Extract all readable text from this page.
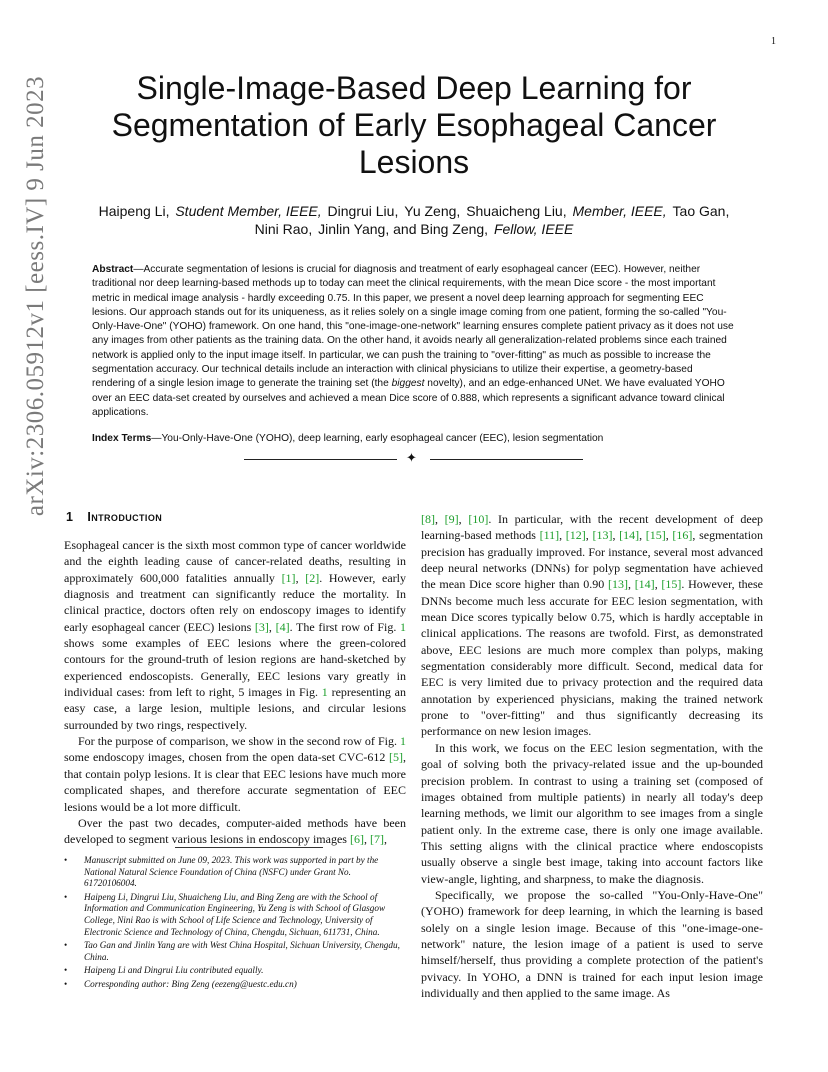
1
arXiv:2306.05912v1 [eess.IV] 9 Jun 2023	Single-Image-Based Deep Learning for
Segmentation of Early Esophageal Cancer
Lesions
Haipeng Li, Student Member, IEEE, Dingrui Liu, Yu Zeng, Shuaicheng Liu, Member, IEEE, Tao Gan,
Nini Rao, Jinlin Yang, and Bing Zeng, Fellow, IEEE
Abstract—Accurate segmentation of lesions is crucial for diagnosis and treatment of early esophageal cancer (EEC). However, neither traditional nor deep learning-based methods up to today can meet the clinical requirements, with the mean Dice score - the most important metric in medical image analysis - hardly exceeding 0.75. In this paper, we present a novel deep learning approach for segmenting EEC lesions. Our approach stands out for its uniqueness, as it relies solely on a single image coming from one patient, forming the so-called "You-Only-Have-One" (YOHO) framework. On one hand, this "one-image-one-network" learning ensures complete patient privacy as it does not use any images from other patients as the training data. On the other hand, it avoids nearly all generalization-related problems since each trained network is applied only to the input image itself. In particular, we can push the training to "over-fitting" as much as possible to increase the segmentation accuracy. Our technical details include an interaction with clinical physicians to utilize their expertise, a geometry-based rendering of a single lesion image to generate the training set (the biggest novelty), and an edge-enhanced UNet. We have evaluated YOHO over an EEC data-set created by ourselves and achieved a mean Dice score of 0.888, which represents a significant advance toward clinical applications.
Index Terms—You-Only-Have-One (YOHO), deep learning, early esophageal cancer (EEC), lesion segmentation
✦
1 Introduction

Esophageal cancer is the sixth most common type of cancer worldwide and the eighth leading cause of cancer-related deaths, resulting in approximately 600,000 fatalities annually [1], [2]. However, early diagnosis and treatment can significantly reduce the mortality. In clinical practice, doctors often rely on endoscopy images to identify early esophageal cancer (EEC) lesions [3], [4]. The first row of Fig. 1 shows some examples of EEC lesions where the green-colored contours for the ground-truth of lesion regions are hand-sketched by experienced endoscopists. Generally, EEC lesions vary greatly in individual cases: from left to right, 5 images in Fig. 1 representing an easy case, a large lesion, multiple lesions, and circular lesions surrounded by two rings, respectively.

For the purpose of comparison, we show in the second row of Fig. 1 some endoscopy images, chosen from the open data-set CVC-612 [5], that contain polyp lesions. It is clear that EEC lesions have much more complicated shapes, and therefore accurate segmentation of EEC lesions would be a lot more difficult.

Over the past two decades, computer-aided methods have been developed to segment various lesions in endoscopy images [6], [7],

• Manuscript submitted on June 09, 2023. This work was supported in part by the National Natural Science Foundation of China (NSFC) under Grant No. 61720106004.
• Haipeng Li, Dingrui Liu, Shuaicheng Liu, and Bing Zeng are with the School of Information and Communication Engineering, Yu Zeng is with School of Glasgow College, Nini Rao is with School of Life Science and Technology, University of Electronic Science and Technology of China, Chengdu, Sichuan, 611731, China.
• Tao Gan and Jinlin Yang are with West China Hospital, Sichuan University, Chengdu, China.
• Haipeng Li and Dingrui Liu contributed equally.
• Corresponding author: Bing Zeng (eezeng@uestc.edu.cn)

[8], [9], [10]. In particular, with the recent development of deep learning-based methods [11], [12], [13], [14], [15], [16], segmentation precision has gradually improved. For instance, several most advanced deep neural networks (DNNs) for polyp segmentation have achieved the mean Dice score higher than 0.90 [13], [14], [15]. However, these DNNs become much less accurate for EEC lesion segmentation, with mean Dice scores typically below 0.75, which is hardly acceptable in clinical applications. The reasons are twofold. First, as demonstrated above, EEC lesions are much more complex than polyps, making segmentation considerably more difficult. Second, medical data for EEC is very limited due to privacy protection and the required data annotation by experienced physicians, making the trained network prone to "over-fitting" and thus significantly decreasing its performance on new lesion images.

In this work, we focus on the EEC lesion segmentation, with the goal of solving both the privacy-related issue and the up-bounded precision problem. In contrast to using a training set (composed of images obtained from multiple patients) in nearly all today's deep learning methods, we limit our algorithm to see images from a single patient only. In the extreme case, there is only one image available. This setting aligns with the clinical practice where endoscopists usually observe a single best image, taking into account factors like view-angle, lighting, and sharpness, to make the diagnosis.

Specifically, we propose the so-called "You-Only-Have-One" (YOHO) framework for deep learning, in which the learning is based solely on a single lesion image. Because of this "one-image-one-network" nature, the lesion image of a patient is used to serve himself/herself, thus providing a complete protection of the patient's pvivacy. In YOHO, a DNN is trained for each input lesion image individually and then applied to the same image. As
